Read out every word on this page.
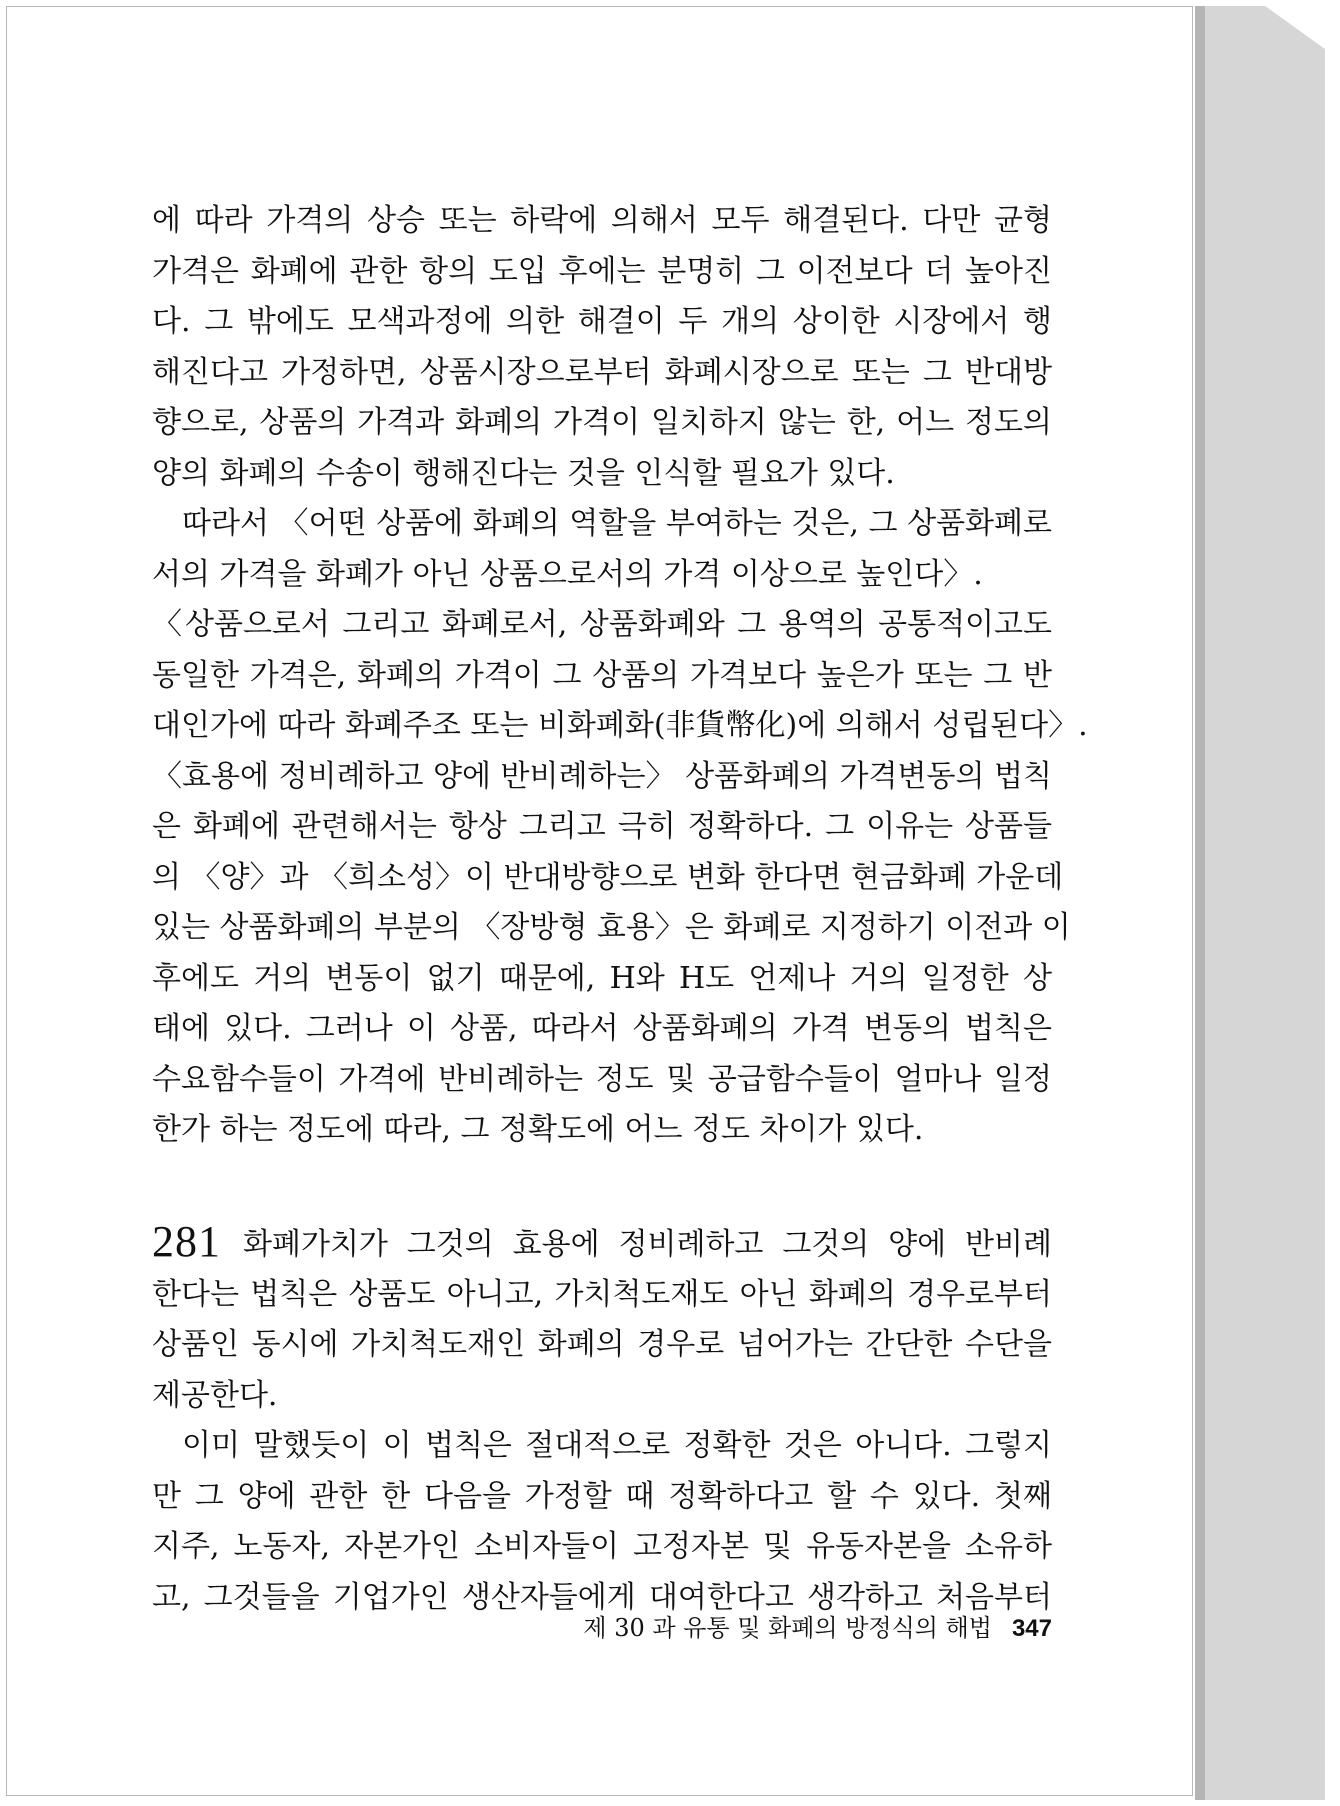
에 따라 가격의 상승 또는 하락에 의해서 모두 해결된다. 다만 균형
가격은 화폐에 관한 항의 도입 후에는 분명히 그 이전보다 더 높아진
다. 그 밖에도 모색과정에 의한 해결이 두 개의 상이한 시장에서 행
해진다고 가정하면, 상품시장으로부터 화폐시장으로 또는 그 반대방
향으로, 상품의 가격과 화폐의 가격이 일치하지 않는 한, 어느 정도의
양의 화폐의 수송이 행해진다는 것을 인식할 필요가 있다.
따라서 〈어떤 상품에 화폐의 역할을 부여하는 것은, 그 상품화폐로
서의 가격을 화폐가 아닌 상품으로서의 가격 이상으로 높인다〉.
〈상품으로서 그리고 화폐로서, 상품화폐와 그 용역의 공통적이고도
동일한 가격은, 화폐의 가격이 그 상품의 가격보다 높은가 또는 그 반
대인가에 따라 화폐주조 또는 비화폐화(非貨幣化)에 의해서 성립된다〉.
〈효용에 정비례하고 양에 반비례하는〉 상품화폐의 가격변동의 법칙
은 화폐에 관련해서는 항상 그리고 극히 정확하다. 그 이유는 상품들
의 〈양〉과 〈희소성〉이 반대방향으로 변화 한다면 현금화폐 가운데
있는 상품화폐의 부분의 〈장방형 효용〉은 화폐로 지정하기 이전과 이
후에도 거의 변동이 없기 때문에, H와 H도 언제나 거의 일정한 상
태에 있다. 그러나 이 상품, 따라서 상품화폐의 가격 변동의 법칙은
수요함수들이 가격에 반비례하는 정도 및 공급함수들이 얼마나 일정
한가 하는 정도에 따라, 그 정확도에 어느 정도 차이가 있다.
281 화폐가치가 그것의 효용에 정비례하고 그것의 양에 반비례
한다는 법칙은 상품도 아니고, 가치척도재도 아닌 화폐의 경우로부터
상품인 동시에 가치척도재인 화폐의 경우로 넘어가는 간단한 수단을
제공한다.
이미 말했듯이 이 법칙은 절대적으로 정확한 것은 아니다. 그렇지
만 그 양에 관한 한 다음을 가정할 때 정확하다고 할 수 있다. 첫째
지주, 노동자, 자본가인 소비자들이 고정자본 및 유동자본을 소유하
고, 그것들을 기업가인 생산자들에게 대여한다고 생각하고 처음부터
제 30 과 유통 및 화폐의 방정식의 해법 347
